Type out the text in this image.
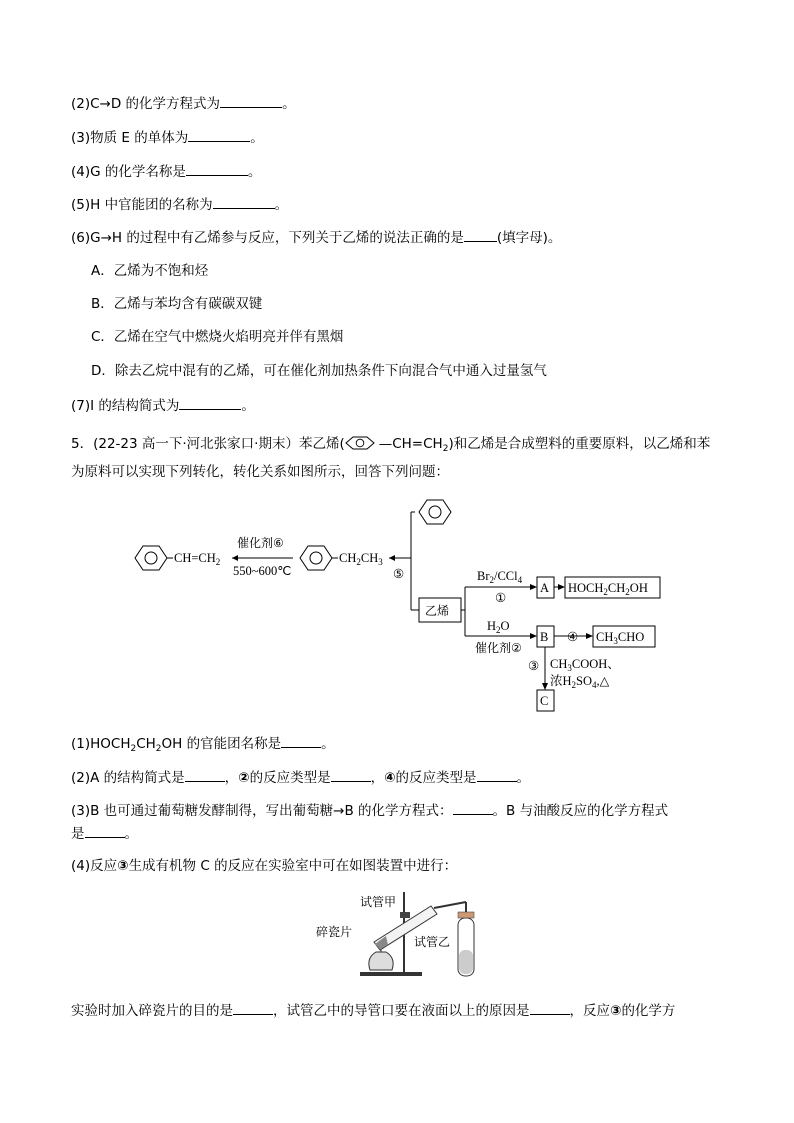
(2)C→D 的化学方程式为	。
(3)物质 E 的单体为	。
(4)G 的化学名称是	。
(5)H 中官能团的名称为	。
(6)G→H 的过程中有乙烯参与反应，下列关于乙烯的说法正确的是 (填字母)。
A．乙烯为不饱和烃
B．乙烯与苯均含有碳碳双键
C．乙烯在空气中燃烧火焰明亮并伴有黑烟
D．除去乙烷中混有的乙烯，可在催化剂加热条件下向混合气中通入过量氢气
(7)I 的结构简式为	。
5．(22-23 高一下·河北张家口·期末）苯乙烯(	$—CH=CH_2$)和乙烯是合成塑料的重要原料，以乙烯和苯
为原料可以实现下列转化，转化关系如图所示，回答下列问题：
⑤
$CH=CH_2$
催化剂⑥
550~600℃
$CH_2CH_3$
乙烯
$Br_2/CCl_4$
①
A $HOCH_2CH_2OH$
$H_2O$
催化剂②
B ④ $CH_3CHO$
③ $CH_3COOH$、
浓$H_2SO_4,\triangle$
C
$(1)HOCH_2CH_2OH$ 的官能团名称是	。
(2)A 的结构简式是	，②的反应类型是	，④的反应类型是	。
(3)B 也可通过葡萄糖发酵制得，写出葡萄糖→B 的化学方程式：	。B 与油酸反应的化学方程式
是	。
(4)反应③生成有机物 C 的反应在实验室中可在如图装置中进行：
试管甲
碎瓷片
试管乙
实验时加入碎瓷片的目的是	，试管乙中的导管口要在液面以上的原因是	，反应③的化学方
